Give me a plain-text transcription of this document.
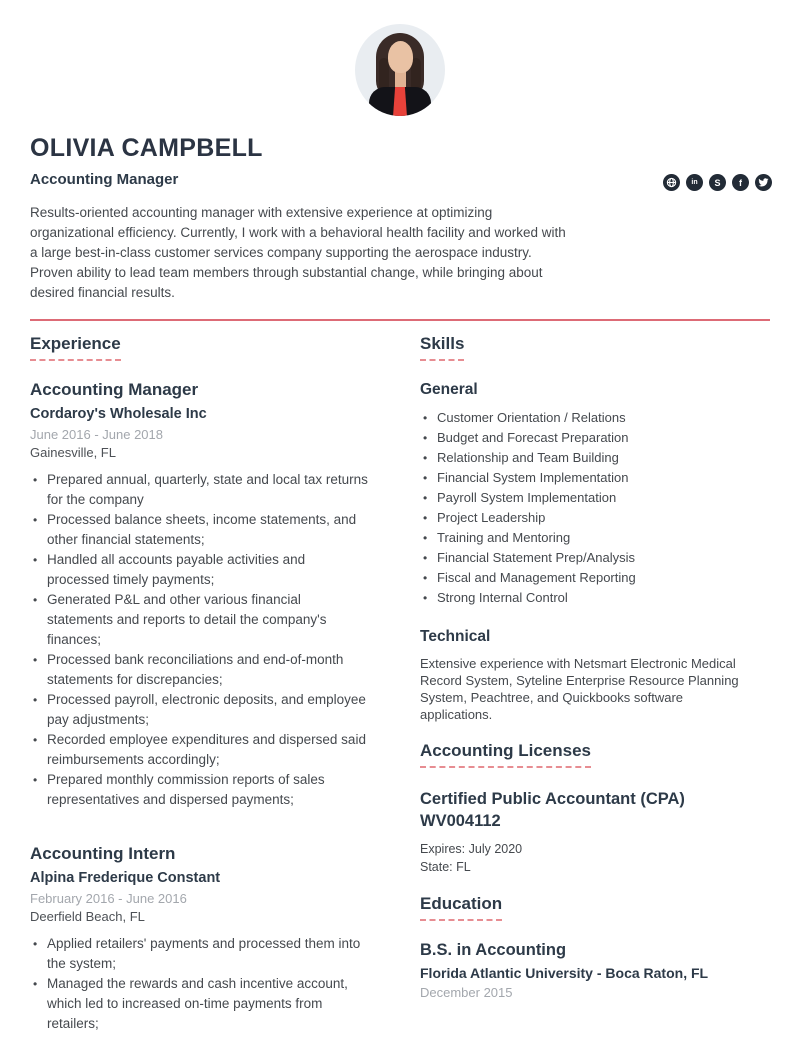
OLIVIA CAMPBELL
Accounting Manager	in S f
Results-oriented accounting manager with extensive experience at optimizing organizational efficiency. Currently, I work with a behavioral health facility and worked with a large best-in-class customer services company supporting the aerospace industry. Proven ability to lead team members through substantial change, while bringing about desired financial results.
Experience
Accounting Manager
Cordaroy's Wholesale Inc
June 2016 - June 2018
Gainesville, FL
• Prepared annual, quarterly, state and local tax returns for the company
• Processed balance sheets, income statements, and other financial statements;
• Handled all accounts payable activities and processed timely payments;
• Generated P&L and other various financial statements and reports to detail the company's finances;
• Processed bank reconciliations and end-of-month statements for discrepancies;
• Processed payroll, electronic deposits, and employee pay adjustments;
• Recorded employee expenditures and dispersed said reimbursements accordingly;
• Prepared monthly commission reports of sales representatives and dispersed payments;
Accounting Intern
Alpina Frederique Constant
February 2016 - June 2016
Deerfield Beach, FL
• Applied retailers' payments and processed them into the system;
• Managed the rewards and cash incentive account, which led to increased on-time payments from retailers;
Skills
General
• Customer Orientation / Relations
• Budget and Forecast Preparation
• Relationship and Team Building
• Financial System Implementation
• Payroll System Implementation
• Project Leadership
• Training and Mentoring
• Financial Statement Prep/Analysis
• Fiscal and Management Reporting
• Strong Internal Control
Technical
Extensive experience with Netsmart Electronic Medical Record System, Syteline Enterprise Resource Planning System, Peachtree, and Quickbooks software applications.
Accounting Licenses
Certified Public Accountant (CPA) WV004112
Expires: July 2020
State: FL
Education
B.S. in Accounting
Florida Atlantic University - Boca Raton, FL
December 2015
